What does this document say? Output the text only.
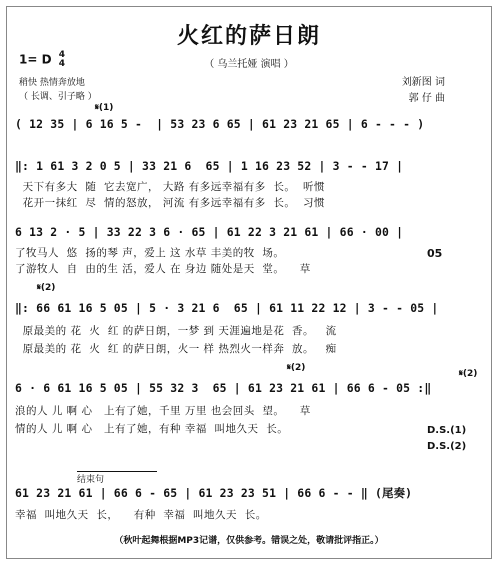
火红的萨日朗
（ 乌兰托娅 演唱 ）
1= D 4
4
稍快 热情奔放地
（ 长调、引子略 ）
刘新图 词
郭 仔 曲
𝄋(1)
( 12 35 | 6 16 5 -  | 53 23 6 65 | 61 23 21 65 | 6 - - - )
‖: 1 61 3 2 0 5 | 33 21 6  65 | 1 16 23 52 | 3 - - 17 |
天下有多大  随  它去宽广， 大路 有多远幸福有多  长。  听惯
花开一抹红  尽  情的怒放， 河流 有多远幸福有多  长。  习惯
6 13 2 · 5 | 33 22 3 6 · 65 | 61 22 3 21 61 | 66 · 00 |
了牧马人  悠  扬的琴 声，爱上 这 水草 丰美的牧  场。
了游牧人  自  由的生 活，爱人 在 身边 随处是天  堂。    草
05
𝄋(2)
‖: 66 61 16 5 05 | 5 · 3 21 6  65 | 61 11 22 12 | 3 - - 05 |
原最美的 花  火  红 的萨日朗，一梦 到 天涯遍地是花  香。   流
原最美的 花  火  红 的萨日朗，火一 样 热烈火一样奔  放。   痴
𝄋(2)
𝄋(2)
6 · 6 61 16 5 05 | 55 32 3  65 | 61 23 21 61 | 66 6 - 05 :‖
浪的人 儿 啊 心   上有了她，千里 万里 也会回头  望。    草
情的人 儿 啊 心   上有了她，有种 幸福  叫地久天  长。	D.S.(1)
D.S.(2)
结束句
61 23 21 61 | 66 6 - 65 | 61 23 23 51 | 66 6 - - ‖ (尾奏)
幸福  叫地久天  长，    有种  幸福  叫地久天  长。
（秋叶起舞根据MP3记谱，仅供参考。错误之处，敬请批评指正。）
